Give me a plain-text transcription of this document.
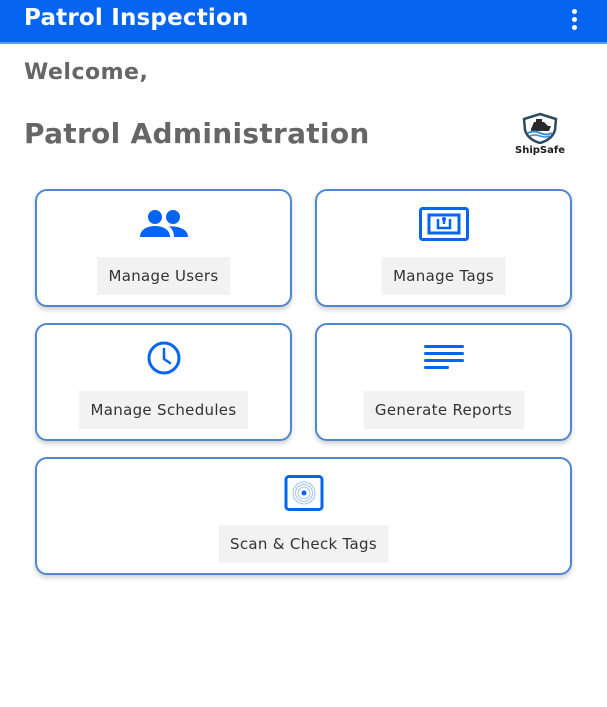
Patrol Inspection
Welcome,
Patrol Administration
ShipSafe
Manage Users	Manage Tags
Manage Schedules	Generate Reports
Scan & Check Tags
